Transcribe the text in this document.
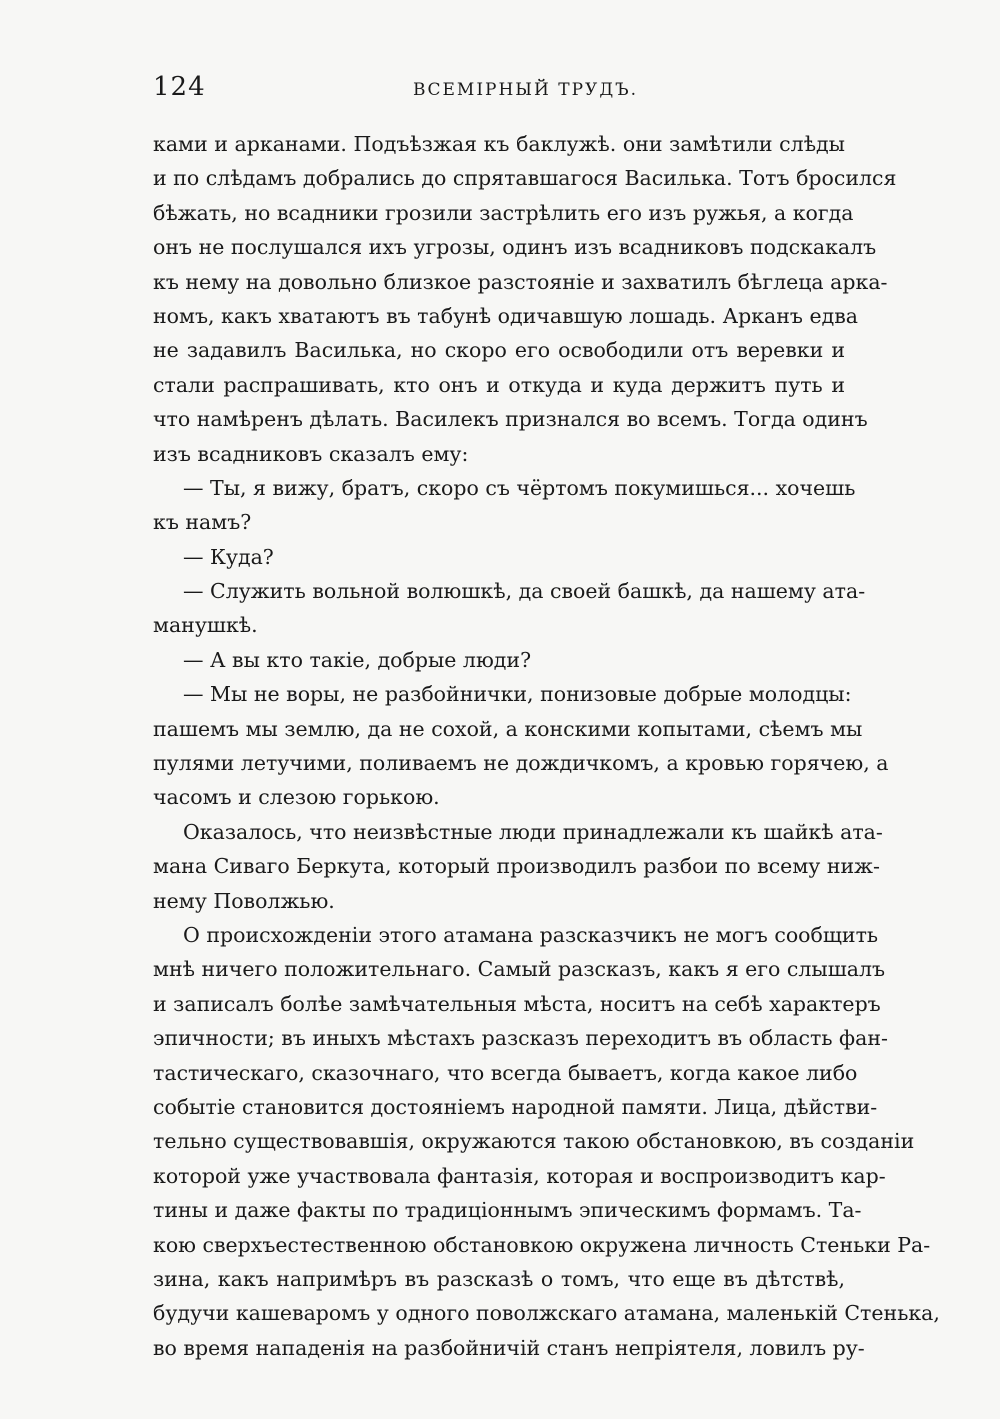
124	ВСЕМІРНЫЙ ТРУДЪ.
ками и арканами. Подъѣзжая къ баклужѣ. они замѣтили слѣды
и по слѣдамъ добрались до спрятавшагося Василька. Тотъ бросился
бѣжать, но всадники грозили застрѣлить его изъ ружья, а когда
онъ не послушался ихъ угрозы, одинъ изъ всадниковъ подскакалъ
къ нему на довольно близкое разстояніе и захватилъ бѣглеца арка-
номъ, какъ хватаютъ въ табунѣ одичавшую лошадь. Арканъ едва
не задавилъ Василька, но скоро его освободили отъ веревки и
стали распрашивать, кто онъ и откуда и куда держитъ путь и
что намѣренъ дѣлать. Василекъ признался во всемъ. Тогда одинъ
изъ всадниковъ сказалъ ему:
— Ты, я вижу, братъ, скоро съ чёртомъ покумишься... хочешь
къ намъ?
— Куда?
— Служить вольной волюшкѣ, да своей башкѣ, да нашему ата-
манушкѣ.
— А вы кто такіе, добрые люди?
— Мы не воры, не разбойнички, понизовые добрые молодцы:
пашемъ мы землю, да не сохой, а конскими копытами, сѣемъ мы
пулями летучими, поливаемъ не дождичкомъ, а кровью горячею, а
часомъ и слезою горькою.
Оказалось, что неизвѣстные люди принадлежали къ шайкѣ ата-
мана Сиваго Беркута, который производилъ разбои по всему ниж-
нему Поволжью.
О происхожденіи этого атамана разсказчикъ не могъ сообщить
мнѣ ничего положительнаго. Самый разсказъ, какъ я его слышалъ
и записалъ болѣе замѣчательныя мѣста, носитъ на себѣ характеръ
эпичности; въ иныхъ мѣстахъ разсказъ переходитъ въ область фан-
тастическаго, сказочнаго, что всегда бываетъ, когда какое либо
событіе становится достояніемъ народной памяти. Лица, дѣйстви-
тельно существовавшія, окружаются такою обстановкою, въ созданіи
которой уже участвовала фантазія, которая и воспроизводитъ кар-
тины и даже факты по традиціоннымъ эпическимъ формамъ. Та-
кою сверхъестественною обстановкою окружена личность Стеньки Ра-
зина, какъ напримѣръ въ разсказѣ о томъ, что еще въ дѣтствѣ,
будучи кашеваромъ у одного поволжскаго атамана, маленькій Стенька,
во время нападенія на разбойничій станъ непріятеля, ловилъ ру-
